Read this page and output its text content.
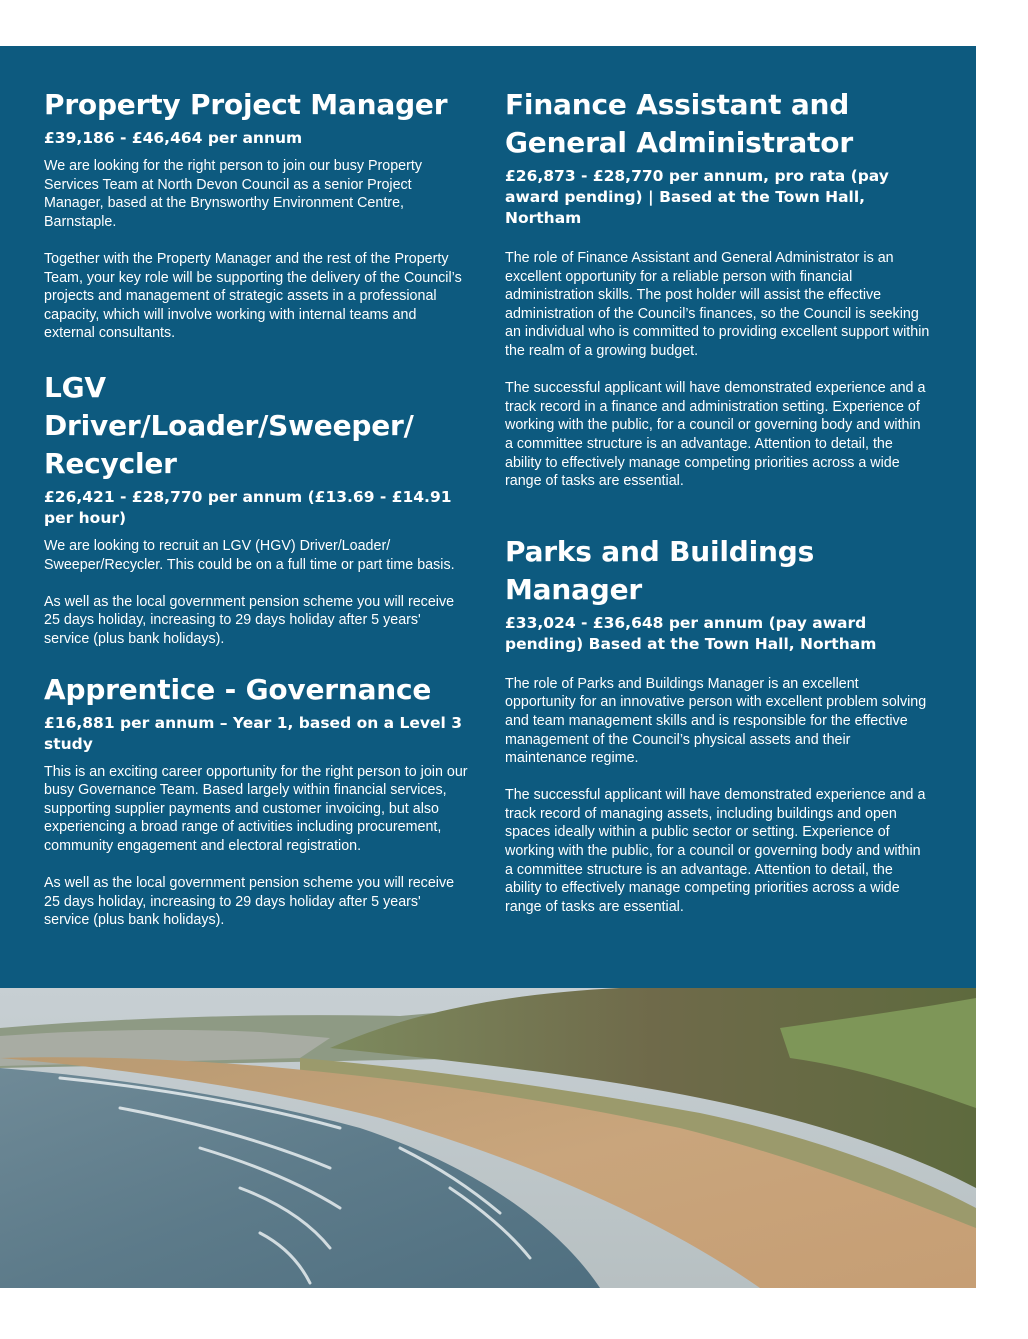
Property Project Manager
£39,186 - £46,464 per annum

We are looking for the right person to join our busy Property Services Team at North Devon Council as a senior Project Manager, based at the Brynsworthy Environment Centre, Barnstaple.

Together with the Property Manager and the rest of the Property Team, your key role will be supporting the delivery of the Council’s projects and management of strategic assets in a professional capacity, which will involve working with internal teams and external consultants.

LGV Driver/Loader/Sweeper/ Recycler
£26,421 - £28,770 per annum (£13.69 - £14.91 per hour)

We are looking to recruit an LGV (HGV) Driver/Loader/ Sweeper/Recycler. This could be on a full time or part time basis.

As well as the local government pension scheme you will receive 25 days holiday, increasing to 29 days holiday after 5 years' service (plus bank holidays).

Apprentice - Governance
£16,881 per annum – Year 1, based on a Level 3 study

This is an exciting career opportunity for the right person to join our busy Governance Team. Based largely within financial services, supporting supplier payments and customer invoicing, but also experiencing a broad range of activities including procurement, community engagement and electoral registration.

As well as the local government pension scheme you will receive 25 days holiday, increasing to 29 days holiday after 5 years' service (plus bank holidays).

Finance Assistant and General Administrator
£26,873 - £28,770 per annum, pro rata (pay award pending) | Based at the Town Hall, Northam

The role of Finance Assistant and General Administrator is an excellent opportunity for a reliable person with financial administration skills. The post holder will assist the effective administration of the Council’s finances, so the Council is seeking an individual who is committed to providing excellent support within the realm of a growing budget.

The successful applicant will have demonstrated experience and a track record in a finance and administration setting. Experience of working with the public, for a council or governing body and within a committee structure is an advantage. Attention to detail, the ability to effectively manage competing priorities across a wide range of tasks are essential.

Parks and Buildings Manager
£33,024 - £36,648 per annum (pay award pending) Based at the Town Hall, Northam

The role of Parks and Buildings Manager is an excellent opportunity for an innovative person with excellent problem solving and team management skills and is responsible for the effective management of the Council’s physical assets and their maintenance regime.

The successful applicant will have demonstrated experience and a track record of managing assets, including buildings and open spaces ideally within a public sector or setting. Experience of working with the public, for a council or governing body and within a committee structure is an advantage. Attention to detail, the ability to effectively manage competing priorities across a wide range of tasks are essential.
